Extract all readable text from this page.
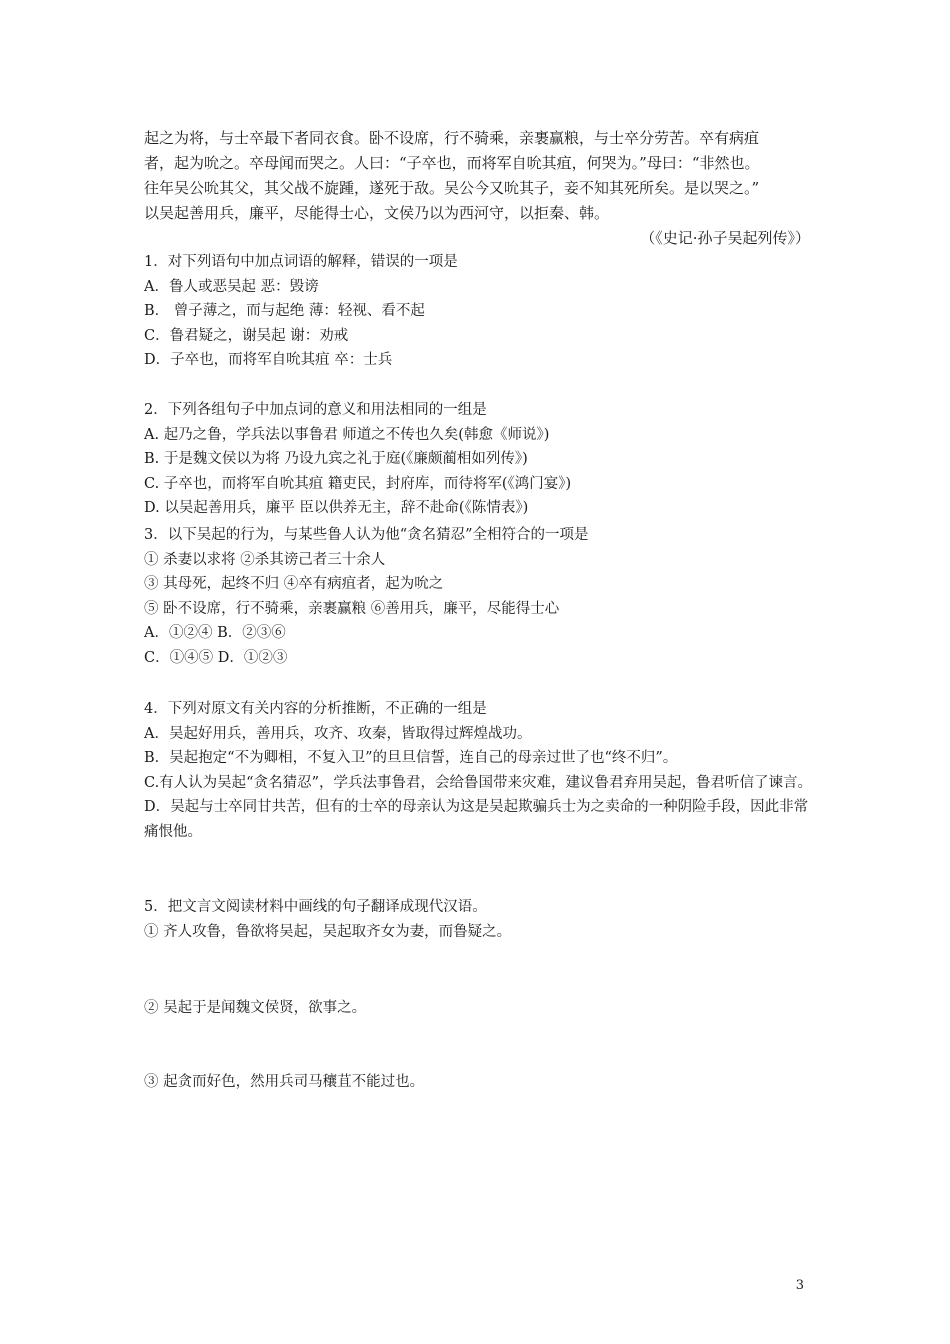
起之为将，与士卒最下者同衣食。卧不设席，行不骑乘，亲裹赢粮，与士卒分劳苦。卒有病疽

者，起为吮之。卒母闻而哭之。人曰：“子卒也，而将军自吮其疽，何哭为。”母曰：“非然也。

往年吴公吮其父，其父战不旋踵，遂死于敌。吴公今又吮其子，妾不知其死所矣。是以哭之。”

以吴起善用兵，廉平，尽能得士心，文侯乃以为西河守，以拒秦、韩。

（《史记·孙子吴起列传》）

1．对下列语句中加点词语的解释，错误的一项是
A．鲁人或恶吴起 恶：毁谤
B． 曾子薄之，而与起绝 薄：轻视、看不起
C．鲁君疑之，谢吴起 谢：劝戒
D．子卒也，而将军自吮其疽 卒：士兵
2．下列各组句子中加点词的意义和用法相同的一组是
A. 起乃之鲁，学兵法以事鲁君 师道之不传也久矣(韩愈《师说》)
B. 于是魏文侯以为将 乃设九宾之礼于庭(《廉颇蔺相如列传》)
C. 子卒也，而将军自吮其疽 籍吏民，封府库，而待将军(《鸿门宴》)
D. 以吴起善用兵，廉平 臣以供养无主，辞不赴命(《陈情表》)
3．以下吴起的行为，与某些鲁人认为他“贪名猜忍”全相符合的一项是
① 杀妻以求将 ②杀其谤己者三十余人
③ 其母死，起终不归 ④卒有病疽者，起为吮之
⑤ 卧不设席，行不骑乘，亲裹赢粮 ⑥善用兵，廉平，尽能得士心
A．①②④ B．②③⑥
C．①④⑤ D．①②③
4．下列对原文有关内容的分析推断，不正确的一组是
A．吴起好用兵，善用兵，攻齐、攻秦，皆取得过辉煌战功。
B．吴起抱定“不为卿相，不复入卫”的旦旦信誓，连自己的母亲过世了也“终不归”。
C.有人认为吴起“贪名猜忍”，学兵法事鲁君，会给鲁国带来灾难，建议鲁君弃用吴起，鲁君听信了谏言。
D．吴起与士卒同甘共苦，但有的士卒的母亲认为这是吴起欺骗兵士为之卖命的一种阴险手段，因此非常痛恨他。
5．把文言文阅读材料中画线的句子翻译成现代汉语。
① 齐人攻鲁，鲁欲将吴起，吴起取齐女为妻，而鲁疑之。
② 吴起于是闻魏文侯贤，欲事之。
③ 起贪而好色，然用兵司马穰苴不能过也。
3
